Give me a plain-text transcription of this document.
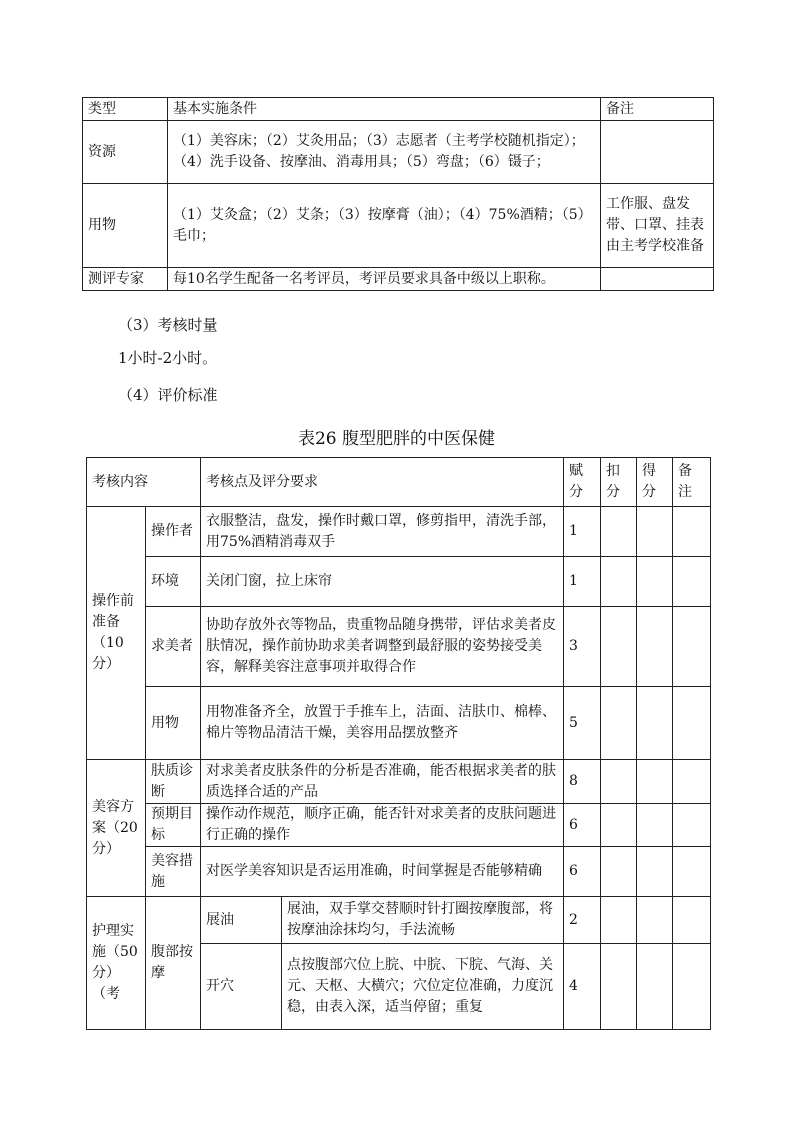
类型	基本实施条件	备注
资源	（1）美容床；（2）艾灸用品；（3）志愿者（主考学校随机指定）；（4）洗手设备、按摩油、消毒用具；（5）弯盘；（6）镊子；	
用物	（1）艾灸盒；（2）艾条；（3）按摩膏（油）；（4）75%酒精；（5）毛巾；	工作服、盘发带、口罩、挂表由主考学校准备
测评专家	每10名学生配备一名考评员，考评员要求具备中级以上职称。	
（3）考核时量
1小时-2小时。
（4）评价标准
表26 腹型肥胖的中医保健
考核内容		考核点及评分要求		赋分	扣分	得分	备注
操作前准备（10分）	操作者	衣服整洁，盘发，操作时戴口罩，修剪指甲，清洗手部，用75%酒精消毒双手		1			
	环境	关闭门窗，拉上床帘		1			
	求美者	协助存放外衣等物品，贵重物品随身携带，评估求美者皮肤情况，操作前协助求美者调整到最舒服的姿势接受美容，解释美容注意事项并取得合作		3			
	用物	用物准备齐全，放置于手推车上，洁面、洁肤巾、棉棒、棉片等物品清洁干燥，美容用品摆放整齐		5			
美容方案（20分）	肤质诊断	对求美者皮肤条件的分析是否准确，能否根据求美者的肤质选择合适的产品		8			
	预期目标	操作动作规范，顺序正确，能否针对求美者的皮肤问题进行正确的操作		6			
	美容措施	对医学美容知识是否运用准确，时间掌握是否能够精确		6			
护理实施（50分）（考	腹部按摩	展油	展油，双手掌交替顺时针打圈按摩腹部，将按摩油涂抹均匀，手法流畅	2			
		开穴	点按腹部穴位上脘、中脘、下脘、气海、关元、天枢、大横穴；穴位定位准确，力度沉稳，由表入深，适当停留；重复	4			
